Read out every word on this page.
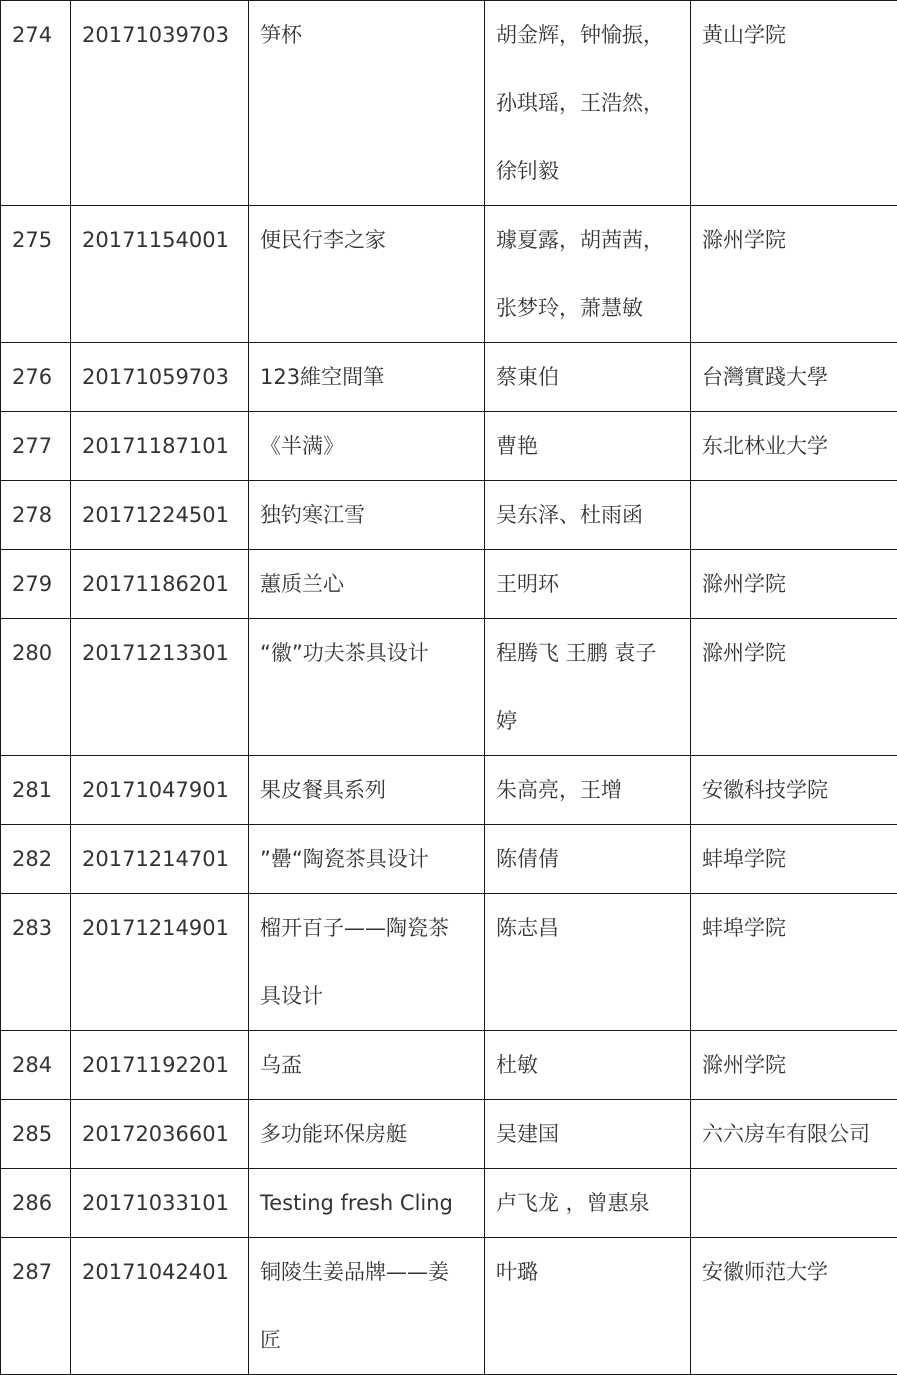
274	20171039703	笋杯	胡金辉，钟愉振，
孙琪瑶，王浩然，
徐钊毅	黄山学院

275	20171154001	便民行李之家	璩夏露，胡茜茜，
张梦玲，萧慧敏	滁州学院

276	20171059703	123維空間筆	蔡東伯	台灣實踐大學

277	20171187101	《半满》	曹艳	东北林业大学

278	20171224501	独钓寒江雪	吴东泽、杜雨函	

279	20171186201	蕙质兰心	王明环	滁州学院

280	20171213301	“徽”功夫茶具设计	程腾飞 王鹏 袁子
婷	滁州学院

281	20171047901	果皮餐具系列	朱高亮，王增	安徽科技学院

282	20171214701	”罍“陶瓷茶具设计	陈倩倩	蚌埠学院

283	20171214901	榴开百子——陶瓷茶
具设计	陈志昌	蚌埠学院

284	20171192201	乌盃	杜敏	滁州学院

285	20172036601	多功能环保房艇	吴建国	六六房车有限公司

286	20171033101	Testing fresh Cling	卢飞龙 ，曾惠泉	

287	20171042401	铜陵生姜品牌——姜
匠	叶璐	安徽师范大学
